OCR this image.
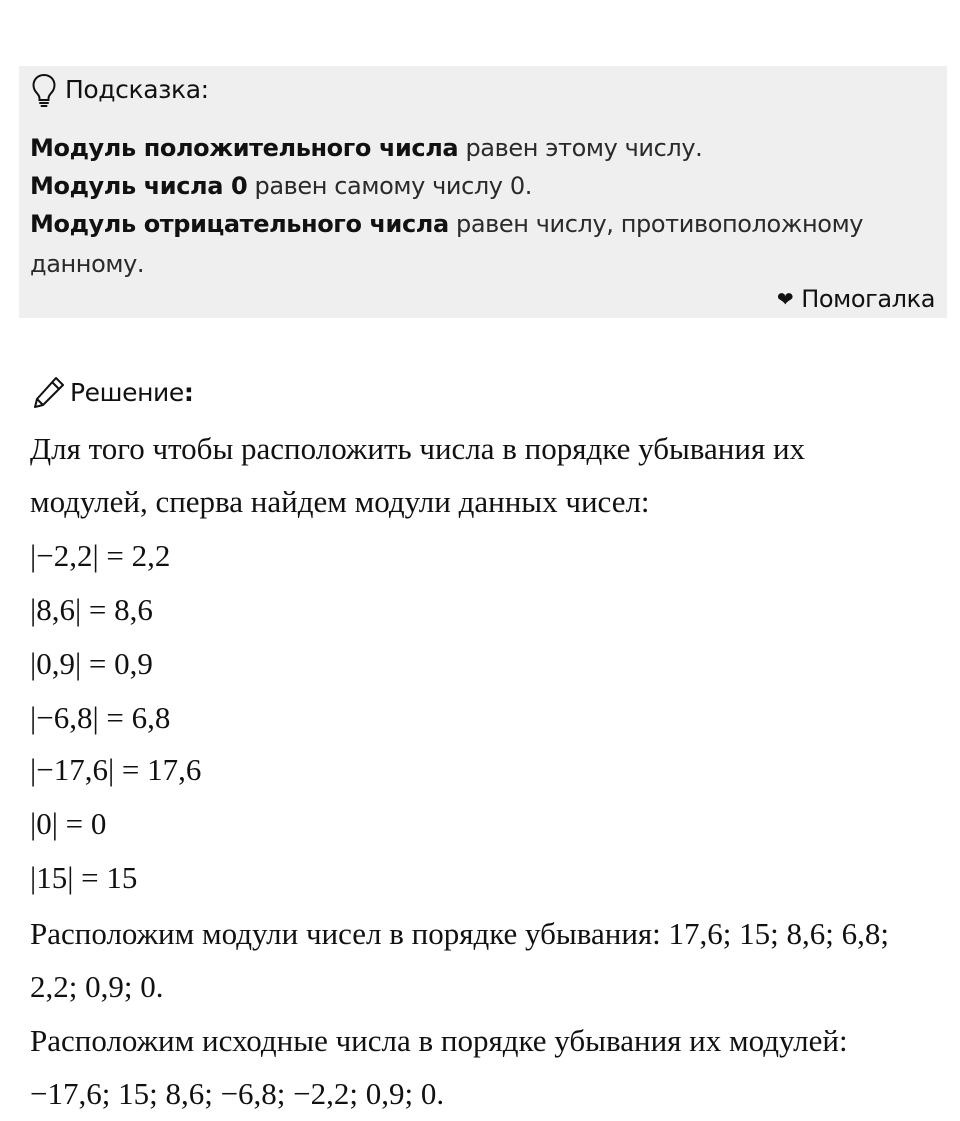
Подсказка:
Модуль положительного числа равен этому числу.
Модуль числа 0 равен самому числу 0.
Модуль отрицательного числа равен числу, противоположному
данному.
❤ Помогалка
Решение :
Для того чтобы расположить числа в порядке убывания их
модулей, сперва найдем модули данных чисел:
|−2,2| = 2,2
|8,6| = 8,6
|0,9| = 0,9
|−6,8| = 6,8
|−17,6| = 17,6
|0| = 0
|15| = 15
Расположим модули чисел в порядке убывания: 17,6; 15; 8,6; 6,8;
2,2; 0,9; 0.
Расположим исходные числа в порядке убывания их модулей:
−17,6; 15; 8,6; −6,8; −2,2; 0,9; 0.
